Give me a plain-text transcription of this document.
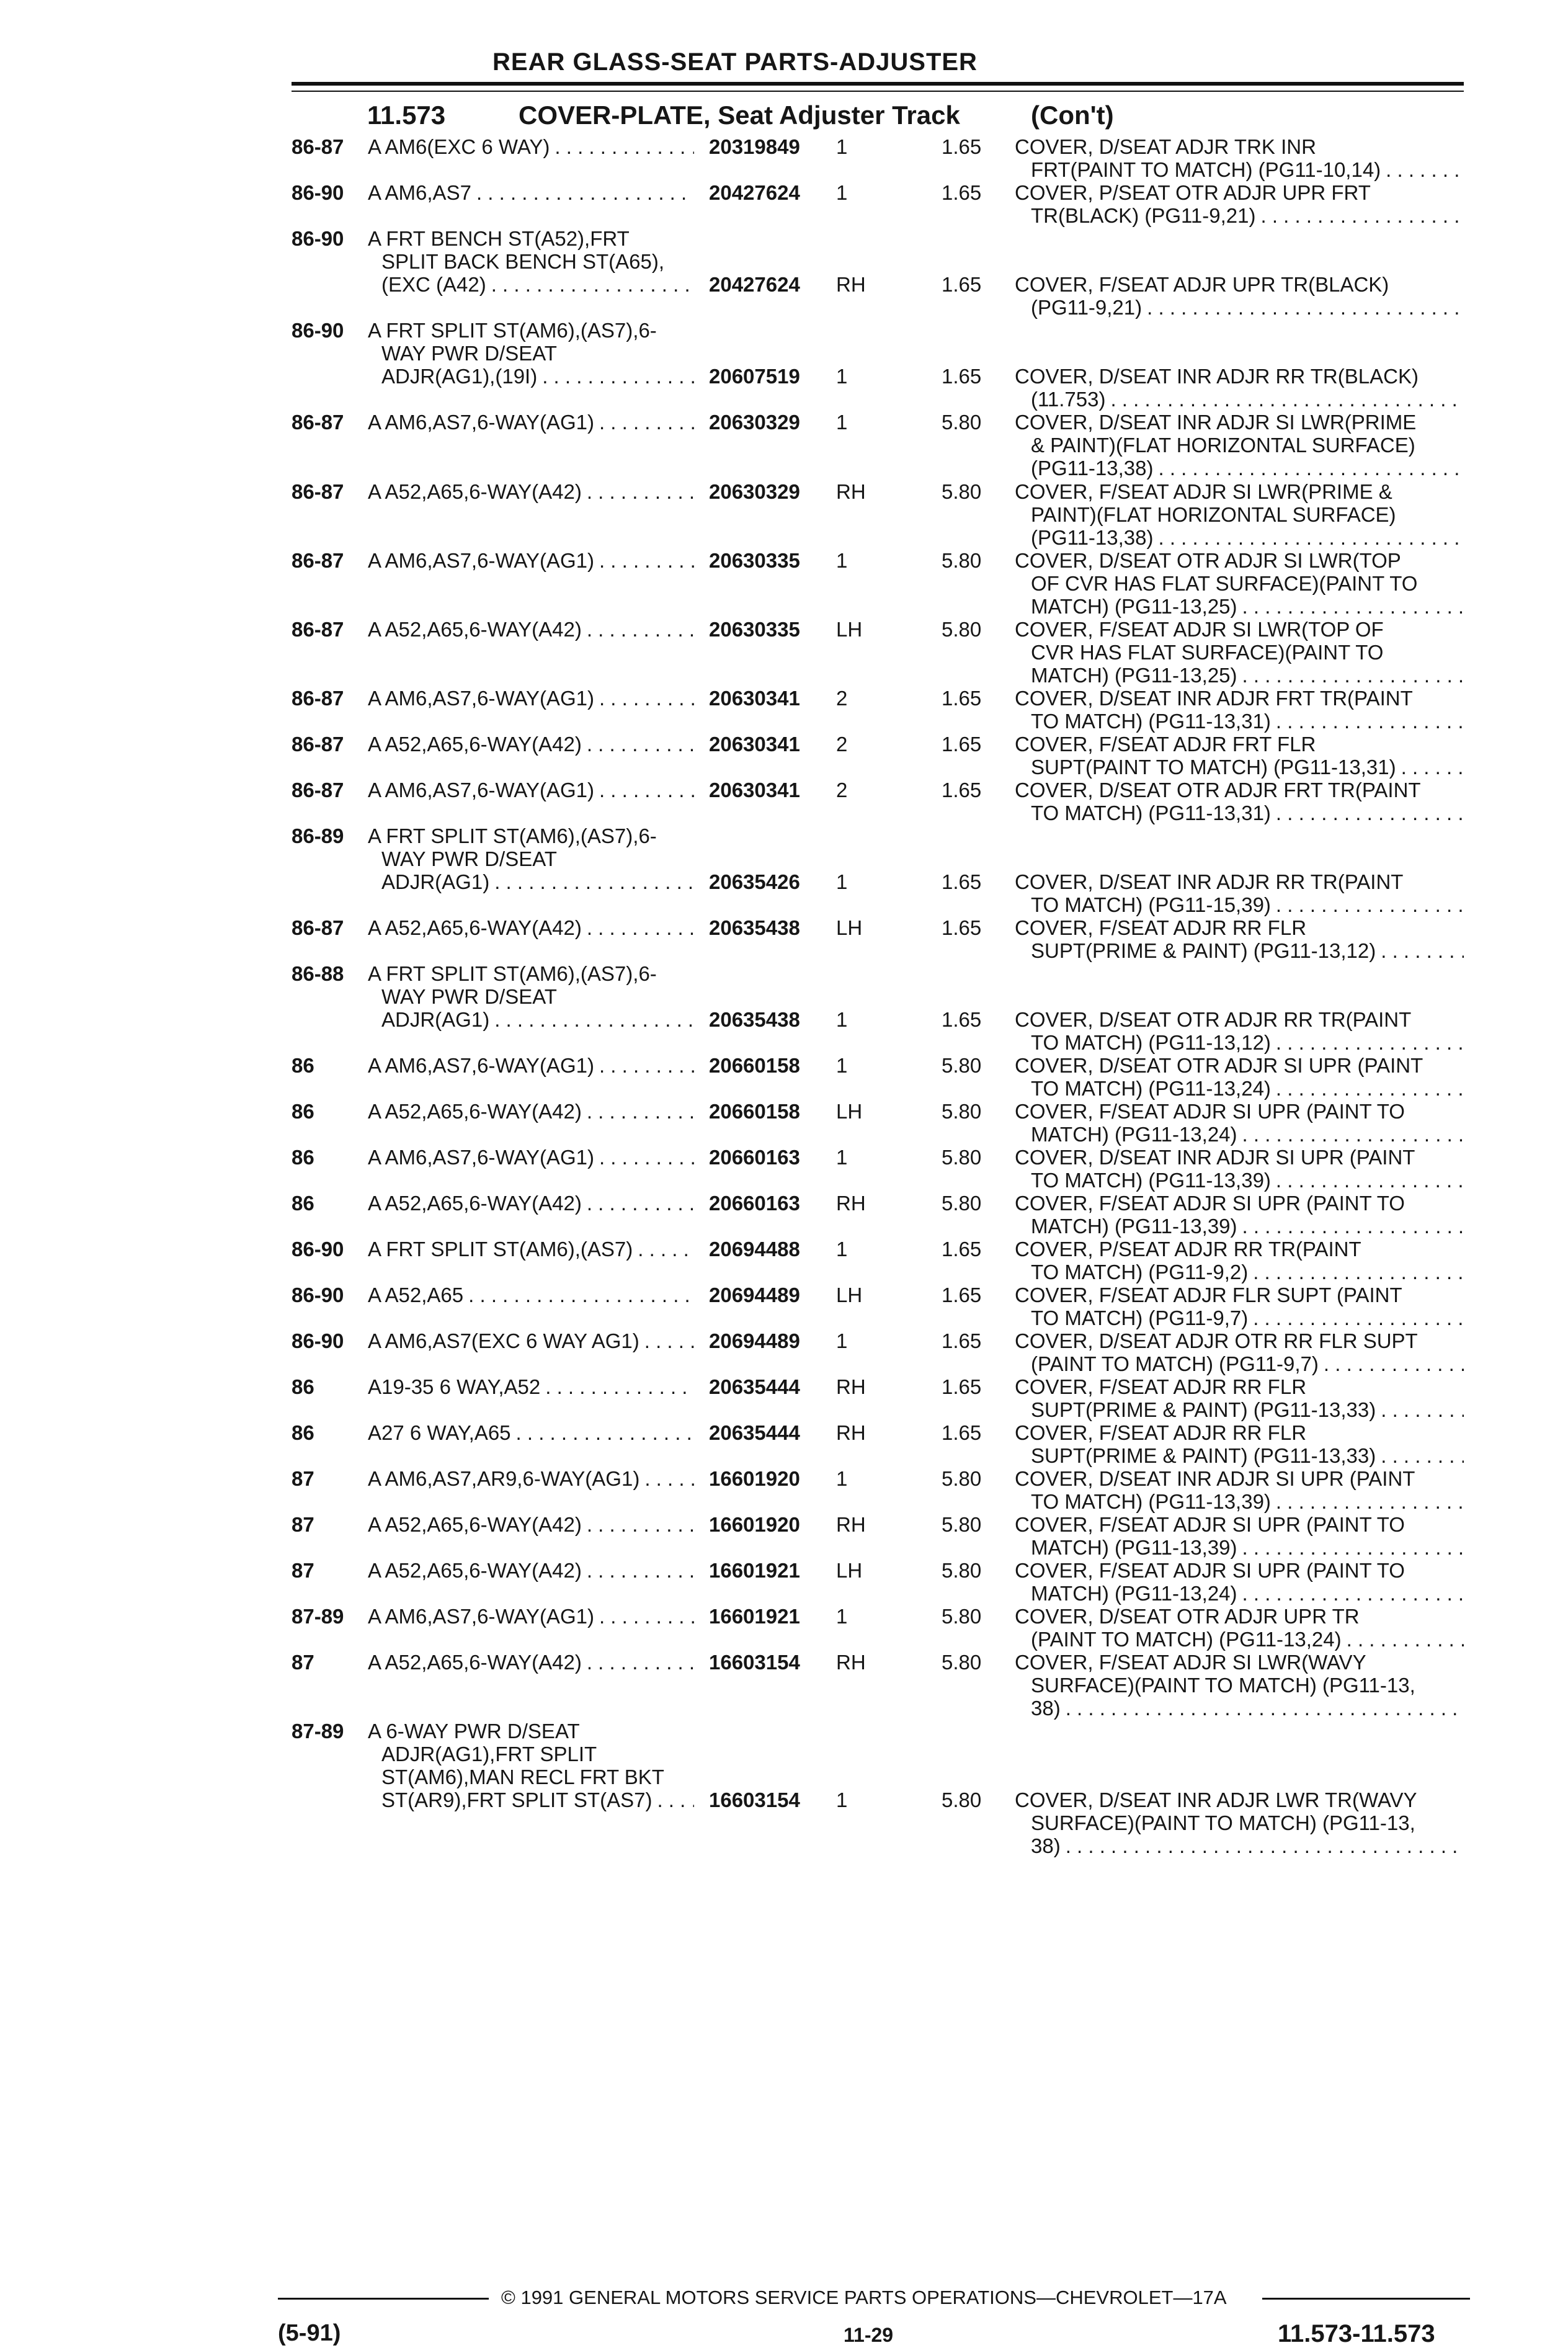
REAR GLASS-SEAT PARTS-ADJUSTER
11.573	COVER-PLATE, Seat Adjuster Track	(Con't)
86-87 A AM6(EXC 6 WAY) . . .	20319849 1	1.65 COVER, D/SEAT ADJR TRK INR
FRT(PAINT TO MATCH) (PG11-10,14)
. . .
86-90 A AM6,AS7 . . .	20427624 1	1.65 COVER, P/SEAT OTR ADJR UPR FRT
TR(BLACK) (PG11-9,21)
. . .
86-90 A FRT BENCH ST(A52),FRT
SPLIT BACK BENCH ST(A65),
(EXC (A42) . . .	20427624 RH	1.65 COVER, F/SEAT ADJR UPR TR(BLACK)
(PG11-9,21)
. . .
86-90 A FRT SPLIT ST(AM6),(AS7),6-
WAY PWR D/SEAT
ADJR(AG1),(19I) . . .	20607519 1	1.65 COVER, D/SEAT INR ADJR RR TR(BLACK)
(11.753)
. . .
86-87 A AM6,AS7,6-WAY(AG1) . . .	20630329 1	5.80 COVER, D/SEAT INR ADJR SI LWR(PRIME
& PAINT)(FLAT HORIZONTAL SURFACE)
(PG11-13,38)
. . .
86-87 A A52,A65,6-WAY(A42) . . .	20630329 RH	5.80 COVER, F/SEAT ADJR SI LWR(PRIME &
PAINT)(FLAT HORIZONTAL SURFACE)
(PG11-13,38)
. . .
86-87 A AM6,AS7,6-WAY(AG1) . . .	20630335 1	5.80 COVER, D/SEAT OTR ADJR SI LWR(TOP
OF CVR HAS FLAT SURFACE)(PAINT TO
MATCH) (PG11-13,25)
. . .
86-87 A A52,A65,6-WAY(A42) . . .	20630335 LH	5.80 COVER, F/SEAT ADJR SI LWR(TOP OF
CVR HAS FLAT SURFACE)(PAINT TO
MATCH) (PG11-13,25)
. . .
86-87 A AM6,AS7,6-WAY(AG1) . . .	20630341 2	1.65 COVER, D/SEAT INR ADJR FRT TR(PAINT
TO MATCH) (PG11-13,31)
. . .
86-87 A A52,A65,6-WAY(A42) . . .	20630341 2	1.65 COVER, F/SEAT ADJR FRT FLR
SUPT(PAINT TO MATCH) (PG11-13,31)
. . .
86-87 A AM6,AS7,6-WAY(AG1) . . .	20630341 2	1.65 COVER, D/SEAT OTR ADJR FRT TR(PAINT
TO MATCH) (PG11-13,31)
. . .
86-89 A FRT SPLIT ST(AM6),(AS7),6-
WAY PWR D/SEAT
ADJR(AG1) . . .	20635426 1	1.65 COVER, D/SEAT INR ADJR RR TR(PAINT
TO MATCH) (PG11-15,39)
. . .
86-87 A A52,A65,6-WAY(A42) . . .	20635438 LH	1.65 COVER, F/SEAT ADJR RR FLR
SUPT(PRIME & PAINT) (PG11-13,12)
. . .
86-88 A FRT SPLIT ST(AM6),(AS7),6-
WAY PWR D/SEAT
ADJR(AG1) . . .	20635438 1	1.65 COVER, D/SEAT OTR ADJR RR TR(PAINT
TO MATCH) (PG11-13,12)
. . .
86	A AM6,AS7,6-WAY(AG1) . . .	20660158 1	5.80 COVER, D/SEAT OTR ADJR SI UPR (PAINT
TO MATCH) (PG11-13,24)
. . .
86	A A52,A65,6-WAY(A42) . . .	20660158 LH	5.80 COVER, F/SEAT ADJR SI UPR (PAINT TO
MATCH) (PG11-13,24)
. . .
86	A AM6,AS7,6-WAY(AG1) . . .	20660163 1	5.80 COVER, D/SEAT INR ADJR SI UPR (PAINT
TO MATCH) (PG11-13,39)
. . .
86	A A52,A65,6-WAY(A42) . . .	20660163 RH	5.80 COVER, F/SEAT ADJR SI UPR (PAINT TO
MATCH) (PG11-13,39)
. . .
86-90 A FRT SPLIT ST(AM6),(AS7) . . .	20694488 1	1.65 COVER, P/SEAT ADJR RR TR(PAINT
TO MATCH) (PG11-9,2)
. . .
86-90 A A52,A65 . . .	20694489 LH	1.65 COVER, F/SEAT ADJR FLR SUPT (PAINT
TO MATCH) (PG11-9,7)
. . .
86-90 A AM6,AS7(EXC 6 WAY AG1) . . .	20694489 1	1.65 COVER, D/SEAT ADJR OTR RR FLR SUPT
(PAINT TO MATCH) (PG11-9,7)
. . .
86	A19-35 6 WAY,A52 . . .	20635444 RH	1.65 COVER, F/SEAT ADJR RR FLR
SUPT(PRIME & PAINT) (PG11-13,33)
. . .
86	A27 6 WAY,A65 . . .	20635444 RH	1.65 COVER, F/SEAT ADJR RR FLR
SUPT(PRIME & PAINT) (PG11-13,33)
. . .
87	A AM6,AS7,AR9,6-WAY(AG1) . . .	16601920 1	5.80 COVER, D/SEAT INR ADJR SI UPR (PAINT
TO MATCH) (PG11-13,39)
. . .
87	A A52,A65,6-WAY(A42) . . .	16601920 RH	5.80 COVER, F/SEAT ADJR SI UPR (PAINT TO
MATCH) (PG11-13,39)
. . .
87	A A52,A65,6-WAY(A42) . . .	16601921 LH	5.80 COVER, F/SEAT ADJR SI UPR (PAINT TO
MATCH) (PG11-13,24)
. . .
87-89 A AM6,AS7,6-WAY(AG1) . . .	16601921 1	5.80 COVER, D/SEAT OTR ADJR UPR TR
(PAINT TO MATCH) (PG11-13,24)
. . .
87	A A52,A65,6-WAY(A42) . . .	16603154 RH	5.80 COVER, F/SEAT ADJR SI LWR(WAVY
SURFACE)(PAINT TO MATCH) (PG11-13,
38)
. . .
87-89 A 6-WAY PWR D/SEAT
ADJR(AG1),FRT SPLIT
ST(AM6),MAN RECL FRT BKT
ST(AR9),FRT SPLIT ST(AS7) . . .	16603154 1	5.80 COVER, D/SEAT INR ADJR LWR TR(WAVY
SURFACE)(PAINT TO MATCH) (PG11-13,
38)
. . .
© 1991 GENERAL MOTORS SERVICE PARTS OPERATIONS—CHEVROLET—17A
(5-91)	11-29	11.573-11.573
